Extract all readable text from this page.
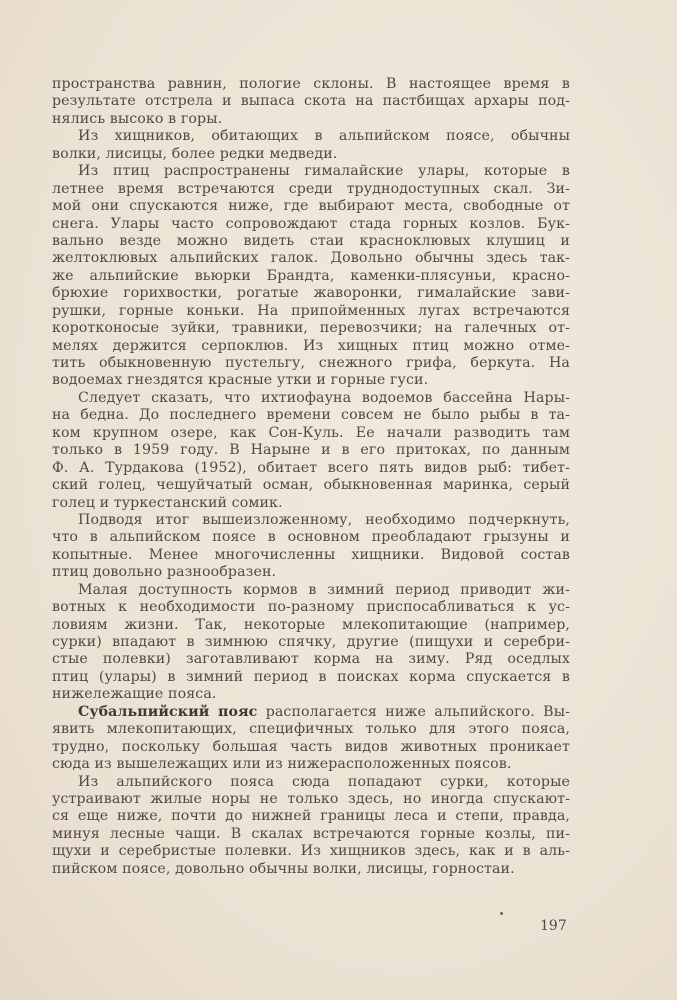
пространства равнин, пологие склоны. В настоящее время в
результате отстрела и выпаса скота на пастбищах архары под-
нялись высоко в горы.
Из хищников, обитающих в альпийском поясе, обычны
волки, лисицы, более редки медведи.
Из птиц распространены гималайские улары, которые в
летнее время встречаются среди труднодоступных скал. Зи-
мой они спускаются ниже, где выбирают места, свободные от
снега. Улары часто сопровождают стада горных козлов. Бук-
вально везде можно видеть стаи красноклювых клушиц и
желтоклювых альпийских галок. Довольно обычны здесь так-
же альпийские вьюрки Брандта, каменки-плясуньи, красно-
брюхие горихвостки, рогатые жаворонки, гималайские зави-
рушки, горные коньки. На припойменных лугах встречаются
коротконосые зуйки, травники, перевозчики; на галечных от-
мелях держится серпоклюв. Из хищных птиц можно отме-
тить обыкновенную пустельгу, снежного грифа, беркута. На
водоемах гнездятся красные утки и горные гуси.
Следует сказать, что ихтиофауна водоемов бассейна Нары-
на бедна. До последнего времени совсем не было рыбы в та-
ком крупном озере, как Сон-Куль. Ее начали разводить там
только в 1959 году. В Нарыне и в его притоках, по данным
Ф. А. Турдакова (1952), обитает всего пять видов рыб: тибет-
ский голец, чешуйчатый осман, обыкновенная маринка, серый
голец и туркестанский сомик.
Подводя итог вышеизложенному, необходимо подчеркнуть,
что в альпийском поясе в основном преобладают грызуны и
копытные. Менее многочисленны хищники. Видовой состав
птиц довольно разнообразен.
Малая доступность кормов в зимний период приводит жи-
вотных к необходимости по-разному приспосабливаться к ус-
ловиям жизни. Так, некоторые млекопитающие (например,
сурки) впадают в зимнюю спячку, другие (пищухи и серебри-
стые полевки) заготавливают корма на зиму. Ряд оседлых
птиц (улары) в зимний период в поисках корма спускается в
нижележащие пояса.
Субальпийский пояс располагается ниже альпийского. Вы-
явить млекопитающих, специфичных только для этого пояса,
трудно, поскольку большая часть видов животных проникает
сюда из вышележащих или из нижерасположенных поясов.
Из альпийского пояса сюда попадают сурки, которые
устраивают жилые норы не только здесь, но иногда спускают-
ся еще ниже, почти до нижней границы леса и степи, правда,
минуя лесные чащи. В скалах встречаются горные козлы, пи-
щухи и серебристые полевки. Из хищников здесь, как и в аль-
пийском поясе, довольно обычны волки, лисицы, горностаи.
197
